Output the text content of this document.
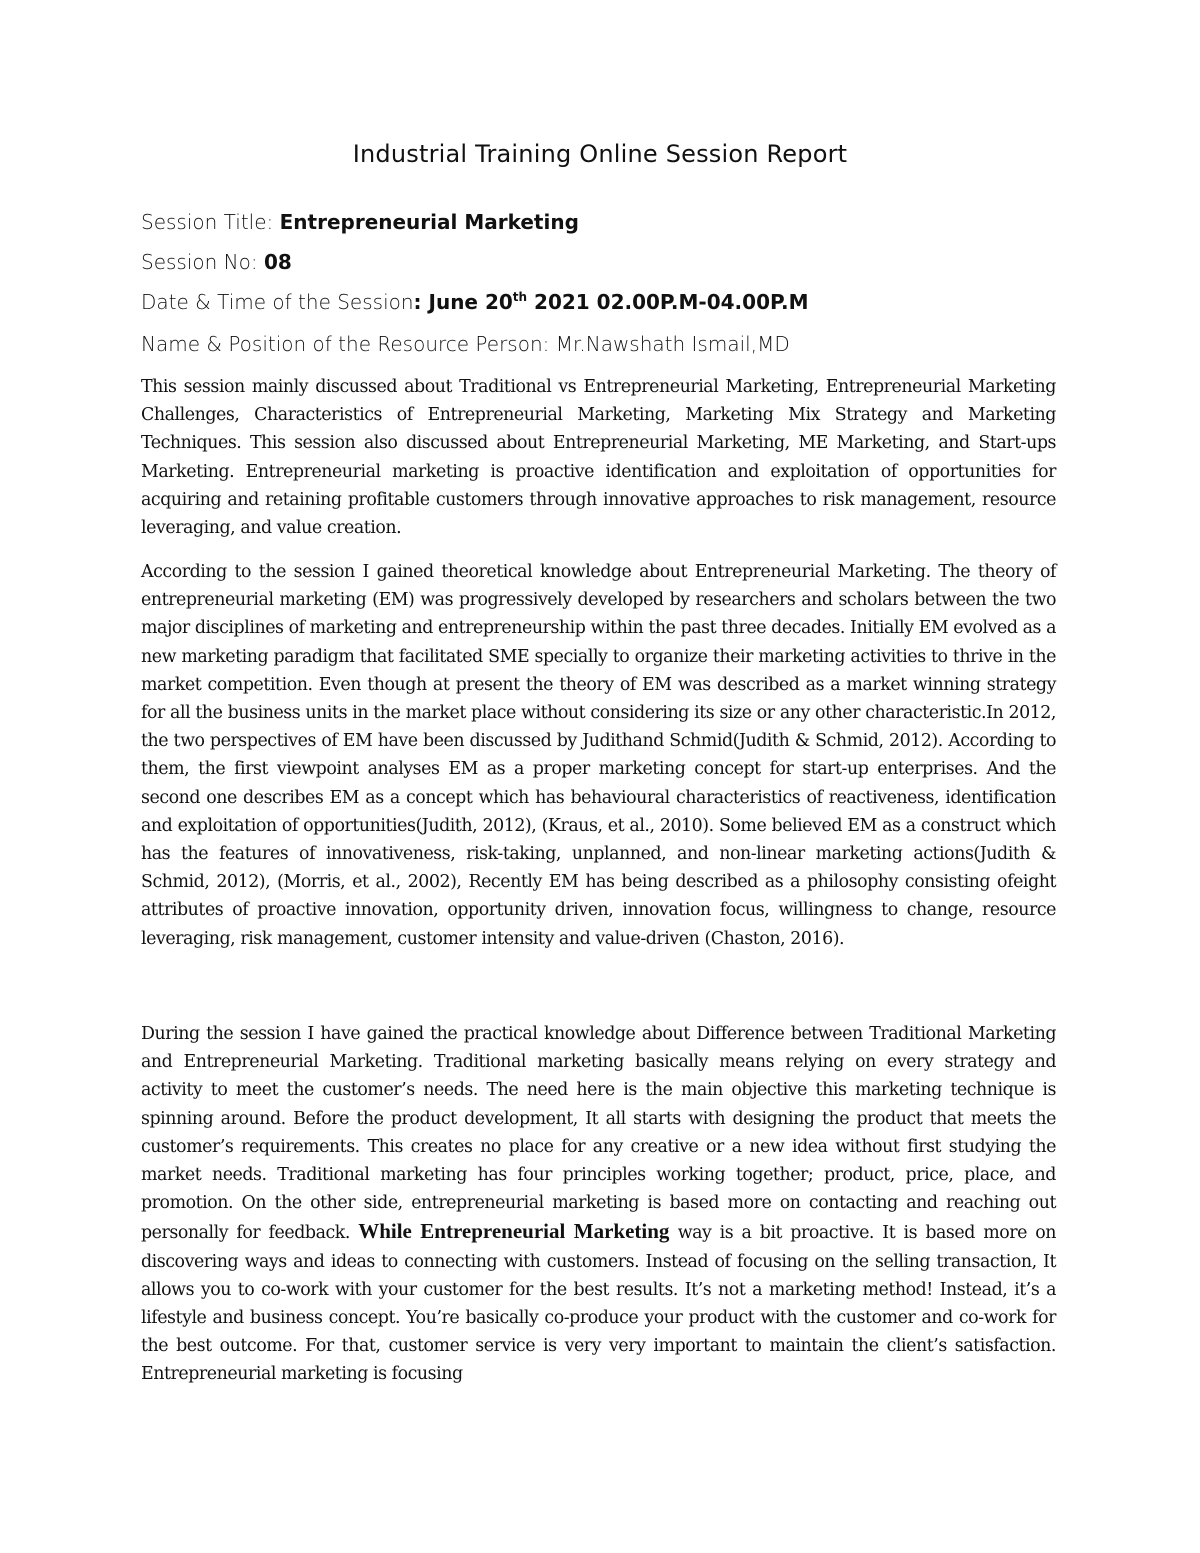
Industrial Training Online Session Report
Session Title: Entrepreneurial Marketing
Session No: 08
Date & Time of the Session: June 20th 2021 02.00P.M-04.00P.M
Name & Position of the Resource Person: Mr.Nawshath Ismail,MD

This session mainly discussed about Traditional vs Entrepreneurial Marketing, Entrepreneurial Marketing Challenges, Characteristics of Entrepreneurial Marketing, Marketing Mix Strategy and Marketing Techniques. This session also discussed about Entrepreneurial Marketing, ME Marketing, and Start-ups Marketing. Entrepreneurial marketing is proactive identification and exploitation of opportunities for acquiring and retaining profitable customers through innovative approaches to risk management, resource leveraging, and value creation.

According to the session I gained theoretical knowledge about Entrepreneurial Marketing. The theory of entrepreneurial marketing (EM) was progressively developed by researchers and scholars between the two major disciplines of marketing and entrepreneurship within the past three decades. Initially EM evolved as a new marketing paradigm that facilitated SME specially to organize their marketing activities to thrive in the market competition. Even though at present the theory of EM was described as a market winning strategy for all the business units in the market place without considering its size or any other characteristic.In 2012, the two perspectives of EM have been discussed by Judithand Schmid(Judith & Schmid, 2012). According to them, the first viewpoint analyses EM as a proper marketing concept for start-up enterprises. And the second one describes EM as a concept which has behavioural characteristics of reactiveness, identification and exploitation of opportunities(Judith, 2012), (Kraus, et al., 2010). Some believed EM as a construct which has the features of innovativeness, risk-taking, unplanned, and non-linear marketing actions(Judith & Schmid, 2012), (Morris, et al., 2002), Recently EM has being described as a philosophy consisting ofeight attributes of proactive innovation, opportunity driven, innovation focus, willingness to change, resource leveraging, risk management, customer intensity and value-driven (Chaston, 2016).

During the session I have gained the practical knowledge about Difference between Traditional Marketing and Entrepreneurial Marketing. Traditional marketing basically means relying on every strategy and activity to meet the customer’s needs. The need here is the main objective this marketing technique is spinning around. Before the product development, It all starts with designing the product that meets the customer’s requirements. This creates no place for any creative or a new idea without first studying the market needs. Traditional marketing has four principles working together; product, price, place, and promotion. On the other side, entrepreneurial marketing is based more on contacting and reaching out personally for feedback. While Entrepreneurial Marketing way is a bit proactive. It is based more on discovering ways and ideas to connecting with customers. Instead of focusing on the selling transaction, It allows you to co-work with your customer for the best results. It’s not a marketing method! Instead, it’s a lifestyle and business concept. You’re basically co-produce your product with the customer and co-work for the best outcome. For that, customer service is very very important to maintain the client’s satisfaction. Entrepreneurial marketing is focusing
